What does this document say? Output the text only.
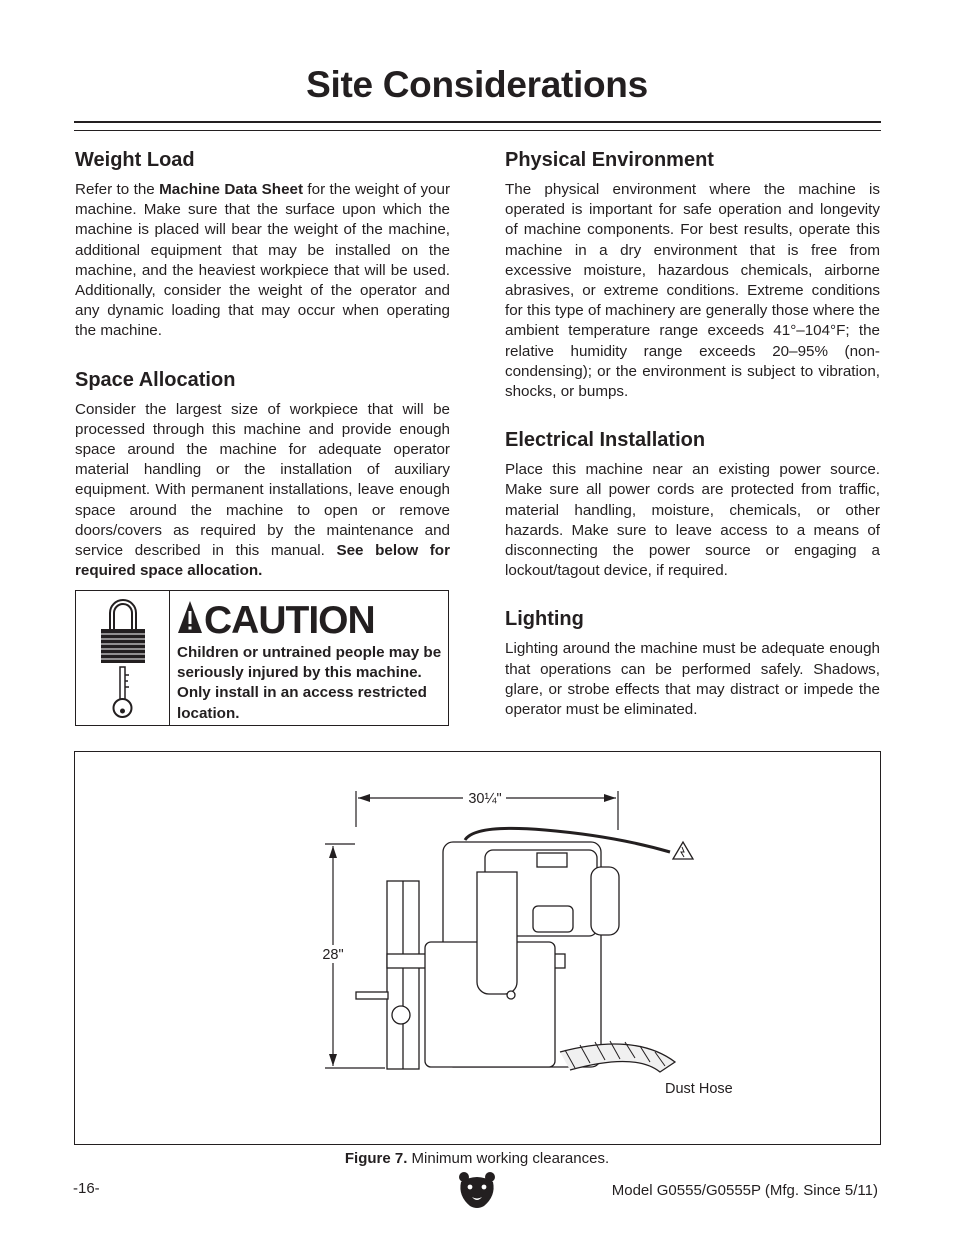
Site Considerations
Weight Load

Refer to the Machine Data Sheet for the weight of your machine. Make sure that the surface upon which the machine is placed will bear the weight of the machine, additional equipment that may be installed on the machine, and the heaviest workpiece that will be used. Additionally, consider the weight of the operator and any dynamic loading that may occur when operating the machine.

Space Allocation

Consider the largest size of workpiece that will be processed through this machine and provide enough space around the machine for adequate operator material handling or the installation of auxiliary equipment. With permanent installations, leave enough space around the machine to open or remove doors/covers as required by the maintenance and service described in this manual. See below for required space allocation.

CAUTION
Children or untrained people may be seriously injured by this machine. Only install in an access restricted location.
Physical Environment

The physical environment where the machine is operated is important for safe operation and longevity of machine components. For best results, operate this machine in a dry environment that is free from excessive moisture, hazardous chemicals, airborne abrasives, or extreme conditions. Extreme conditions for this type of machinery are generally those where the ambient temperature range exceeds 41°–104°F; the relative humidity range exceeds 20–95% (non-condensing); or the environment is subject to vibration, shocks, or bumps.

Electrical Installation

Place this machine near an existing power source. Make sure all power cords are protected from traffic, material handling, moisture, chemicals, or other hazards. Make sure to leave access to a means of disconnecting the power source or engaging a lockout/tagout device, if required.

Lighting

Lighting around the machine must be adequate enough that operations can be performed safely. Shadows, glare, or strobe effects that may distract or impede the operator must be eliminated.

30¼"
28"
Dust Hose
Figure 7. Minimum working clearances.
-16-	Model G0555/G0555P (Mfg. Since 5/11)
